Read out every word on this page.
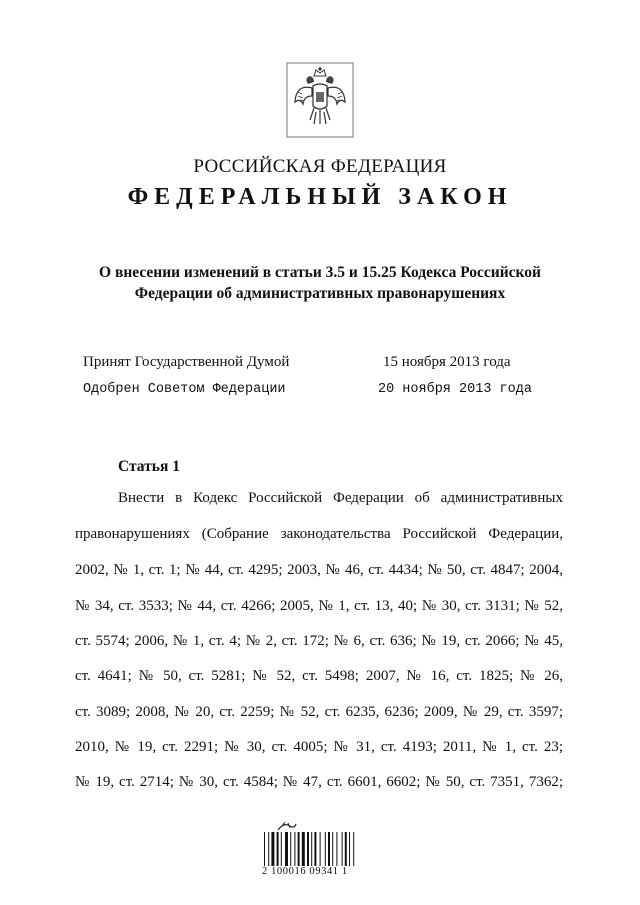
РОССИЙСКАЯ ФЕДЕРАЦИЯ
ФЕДЕРАЛЬНЫЙ ЗАКОН
О внесении изменений в статьи 3.5 и 15.25 Кодекса Российской
Федерации об административных правонарушениях
Принят Государственной Думой	15 ноября 2013 года
Одобрен Советом Федерации	20 ноября 2013 года
Статья 1
Внести в Кодекс Российской Федерации об административных
правонарушениях (Собрание законодательства Российской Федерации,
2002, № 1, ст. 1; № 44, ст. 4295; 2003, № 46, ст. 4434; № 50, ст. 4847; 2004,
№ 34, ст. 3533; № 44, ст. 4266; 2005, № 1, ст. 13, 40; № 30, ст. 3131; № 52,
ст. 5574; 2006, № 1, ст. 4; № 2, ст. 172; № 6, ст. 636; № 19, ст. 2066; № 45,
ст. 4641; № 50, ст. 5281; № 52, ст. 5498; 2007, № 16, ст. 1825; № 26,
ст. 3089; 2008, № 20, ст. 2259; № 52, ст. 6235, 6236; 2009, № 29, ст. 3597;
2010, № 19, ст. 2291; № 30, ст. 4005; № 31, ст. 4193; 2011, № 1, ст. 23;
№ 19, ст. 2714; № 30, ст. 4584; № 47, ст. 6601, 6602; № 50, ст. 7351, 7362;
2 100016 09341 1
